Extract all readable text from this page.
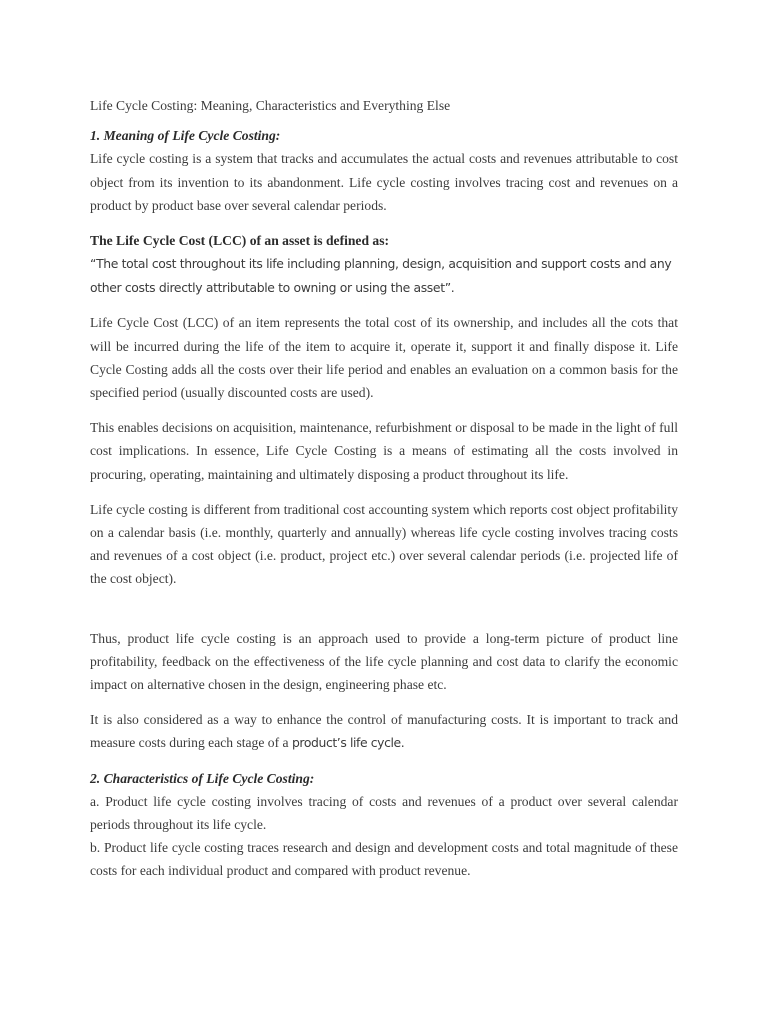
Life Cycle Costing: Meaning, Characteristics and Everything Else

1. Meaning of Life Cycle Costing:

Life cycle costing is a system that tracks and accumulates the actual costs and revenues attributable to cost object from its invention to its abandonment. Life cycle costing involves tracing cost and revenues on a product by product base over several calendar periods.

The Life Cycle Cost (LCC) of an asset is defined as:

“The total cost throughout its life including planning, design, acquisition and support costs and any other costs directly attributable to owning or using the asset”.

Life Cycle Cost (LCC) of an item represents the total cost of its ownership, and includes all the cots that will be incurred during the life of the item to acquire it, operate it, support it and finally dispose it. Life Cycle Costing adds all the costs over their life period and enables an evaluation on a common basis for the specified period (usually discounted costs are used).

This enables decisions on acquisition, maintenance, refurbishment or disposal to be made in the light of full cost implications. In essence, Life Cycle Costing is a means of estimating all the costs involved in procuring, operating, maintaining and ultimately disposing a product throughout its life.

Life cycle costing is different from traditional cost accounting system which reports cost object profitability on a calendar basis (i.e. monthly, quarterly and annually) whereas life cycle costing involves tracing costs and revenues of a cost object (i.e. product, project etc.) over several calendar periods (i.e. projected life of the cost object).

Thus, product life cycle costing is an approach used to provide a long-term picture of product line profitability, feedback on the effectiveness of the life cycle planning and cost data to clarify the economic impact on alternative chosen in the design, engineering phase etc.

It is also considered as a way to enhance the control of manufacturing costs. It is important to track and measure costs during each stage of a product’s life cycle.

2. Characteristics of Life Cycle Costing:

a. Product life cycle costing involves tracing of costs and revenues of a product over several calendar periods throughout its life cycle.

b. Product life cycle costing traces research and design and development costs and total magnitude of these costs for each individual product and compared with product revenue.
